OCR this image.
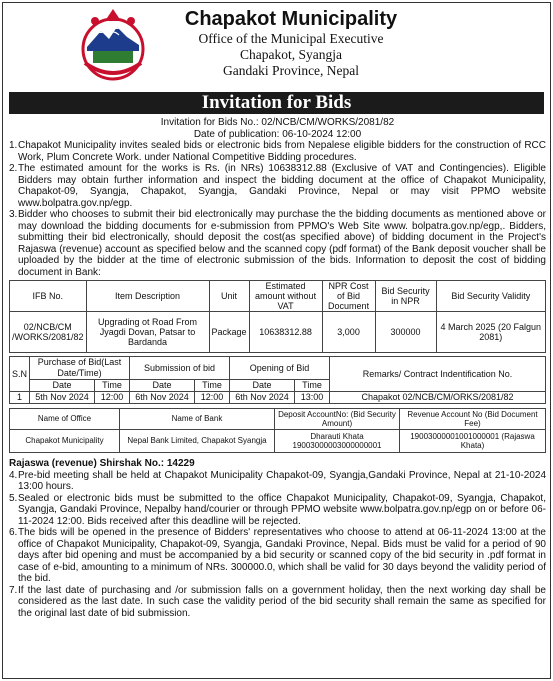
Chapakot Municipality
Office of the Municipal Executive
Chapakot, Syangja
Gandaki Province, Nepal
Invitation for Bids
Invitation for Bids No.: 02/NCB/CM/WORKS/2081/82
Date of publication: 06-10-2024 12:00
1. Chapakot Municipality invites sealed bids or electronic bids from Nepalese eligible bidders for the construction of RCC Work, Plum Concrete Work. under National Competitive Bidding procedures.
2. The estimated amount for the works is Rs. (in NRs) 10638312.88 (Exclusive of VAT and Contingencies). Eligible Bidders may obtain further information and inspect the bidding document at the office of Chapakot Municipality, Chapakot-09, Syangja, Chapakot, Syangja, Gandaki Province, Nepal or may visit PPMO website www.bolpatra.gov.np/egp.
3. Bidder who chooses to submit their bid electronically may purchase the the bidding documents as mentioned above or may download the bidding documents for e-submission from PPMO's Web Site www. bolpatra.gov.np/egp,. Bidders, submitting their bid electronically, should deposit the cost(as specified above) of bidding document in the Project's Rajaswa (revenue) account as specified below and the scanned copy (pdf format) of the Bank deposit voucher shall be uploaded by the bidder at the time of electronic submission of the bids. Information to deposit the cost of bidding document in Bank:
IFB No.	Item Description	Unit	Estimated amount without VAT	NPR Cost of Bid Document	Bid Security in NPR	Bid Security Validity
02/NCB/CM /WORKS/2081/82	Upgrading ot Road From Jyagdi Dovan, Patsar to Bardanda	Package	10638312.88	3,000	300000	4 March 2025 (20 Falgun 2081)
S.N	Purchase of Bid(Last Date/Time)		Submission of bid		Opening of Bid		Remarks/ Contract Indentification No.
	Date	Time	Date	Time	Date	Time	
1	5th Nov 2024	12:00	6th Nov 2024	12:00	6th Nov 2024	13:00	Chapakot 02/NCB/CM/ORKS/2081/82
Name of Office	Name of Bank	Deposit AccountNo: (Bid Security Amount)	Revenue Account No (Bid Document Fee)
Chapakot Municipality	Nepal Bank Limited, Chapakot Syangja	Dharauti Khata 19003000003000000001	19003000001001000001 (Rajaswa Khata)
Rajaswa (revenue) Shirshak No.: 14229
4. Pre-bid meeting shall be held at Chapakot Municipality Chapakot-09, Syangja,Gandaki Province, Nepal at 21-10-2024 13:00 hours.
5. Sealed or electronic bids must be submitted to the office Chapakot Municipality, Chapakot-09, Syangja, Chapakot, Syangja, Gandaki Province, Nepalby hand/courier or through PPMO website www.bolpatra.gov.np/egp on or before 06-11-2024 12:00. Bids received after this deadline will be rejected.
6. The bids will be opened in the presence of Bidders' representatives who choose to attend at 06-11-2024 13:00 at the office of Chapakot Municipality, Chapakot-09, Syangja, Gandaki Province, Nepal. Bids must be valid for a period of 90 days after bid opening and must be accompanied by a bid security or scanned copy of the bid security in .pdf format in case of e-bid, amounting to a minimum of NRs. 300000.0, which shall be valid for 30 days beyond the validity period of the bid.
7. If the last date of purchasing and /or submission falls on a government holiday, then the next working day shall be considered as the last date. In such case the validity period of the bid security shall remain the same as specified for the original last date of bid submission.
